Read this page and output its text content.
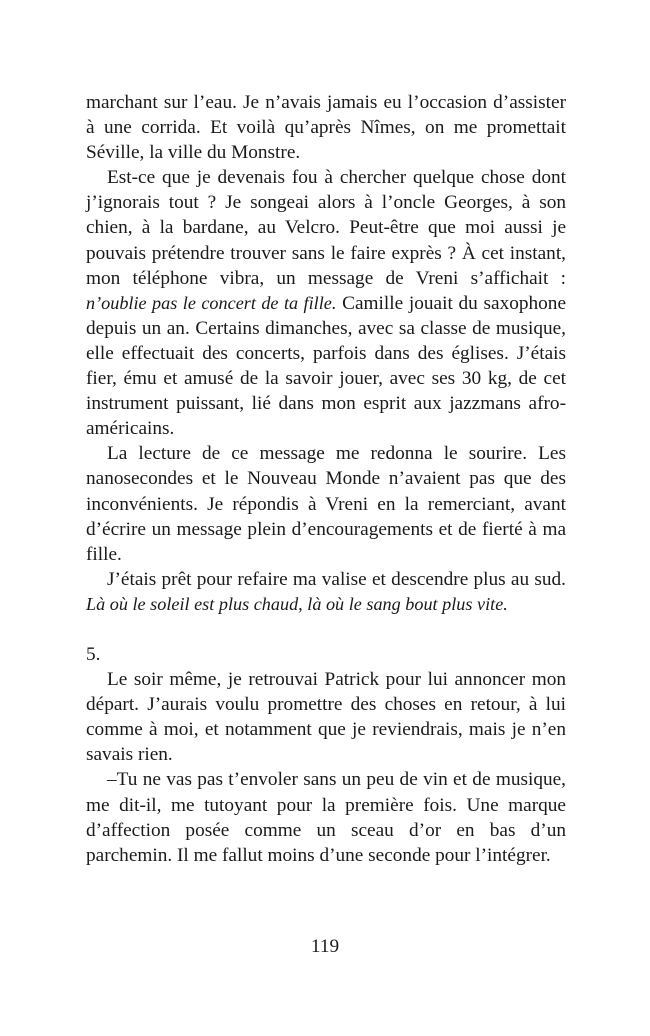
marchant sur l’eau. Je n’avais jamais eu l’occasion d’assister à une corrida. Et voilà qu’après Nîmes, on me promettait Séville, la ville du Monstre.

Est-ce que je devenais fou à chercher quelque chose dont j’ignorais tout ? Je songeai alors à l’oncle Georges, à son chien, à la bardane, au Velcro. Peut-être que moi aussi je pouvais prétendre trouver sans le faire exprès ? À cet instant, mon téléphone vibra, un message de Vreni s’affichait : n’oublie pas le concert de ta fille. Camille jouait du saxophone depuis un an. Certains dimanches, avec sa classe de musique, elle effectuait des concerts, parfois dans des églises. J’étais fier, ému et amusé de la savoir jouer, avec ses 30 kg, de cet instrument puissant, lié dans mon esprit aux jazzmans afro-américains.

La lecture de ce message me redonna le sourire. Les nanosecondes et le Nouveau Monde n’avaient pas que des inconvénients. Je répondis à Vreni en la remerciant, avant d’écrire un message plein d’encouragements et de fierté à ma fille.

J’étais prêt pour refaire ma valise et descendre plus au sud. Là où le soleil est plus chaud, là où le sang bout plus vite.

5.

Le soir même, je retrouvai Patrick pour lui annoncer mon départ. J’aurais voulu promettre des choses en retour, à lui comme à moi, et notamment que je reviendrais, mais je n’en savais rien.

–Tu ne vas pas t’envoler sans un peu de vin et de musique, me dit-il, me tutoyant pour la première fois. Une marque d’affection posée comme un sceau d’or en bas d’un parchemin. Il me fallut moins d’une seconde pour l’intégrer.

119
